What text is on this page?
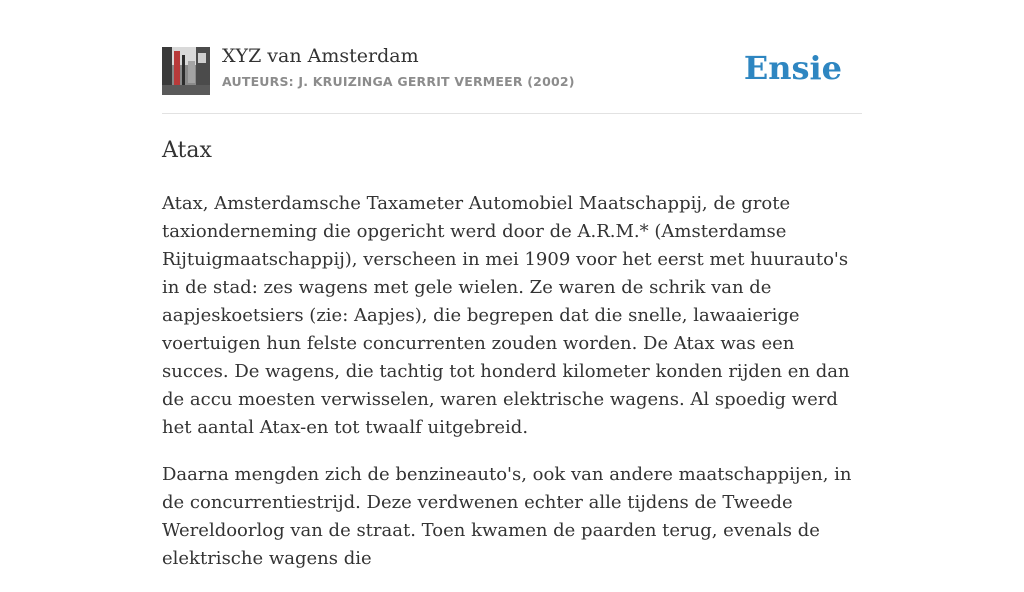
XYZ van Amsterdam
AUTEURS: J. KRUIZINGA GERRIT VERMEER (2002)	Ensie
Atax

Atax, Amsterdamsche Taxameter Automobiel Maatschappij, de grote taxionderneming die opgericht werd door de A.R.M.* (Amsterdamse Rijtuigmaatschappij), verscheen in mei 1909 voor het eerst met huurauto's in de stad: zes wagens met gele wielen. Ze waren de schrik van de aapjeskoetsiers (zie: Aapjes), die begrepen dat die snelle, lawaaierige voertuigen hun felste concurrenten zouden worden. De Atax was een succes. De wagens, die tachtig tot honderd kilometer konden rijden en dan de accu moesten verwisselen, waren elektrische wagens. Al spoedig werd het aantal Atax-en tot twaalf uitgebreid.

Daarna mengden zich de benzineauto's, ook van andere maatschappijen, in de concurrentiestrijd. Deze verdwenen echter alle tijdens de Tweede Wereldoorlog van de straat. Toen kwamen de paarden terug, evenals de elektrische wagens die
